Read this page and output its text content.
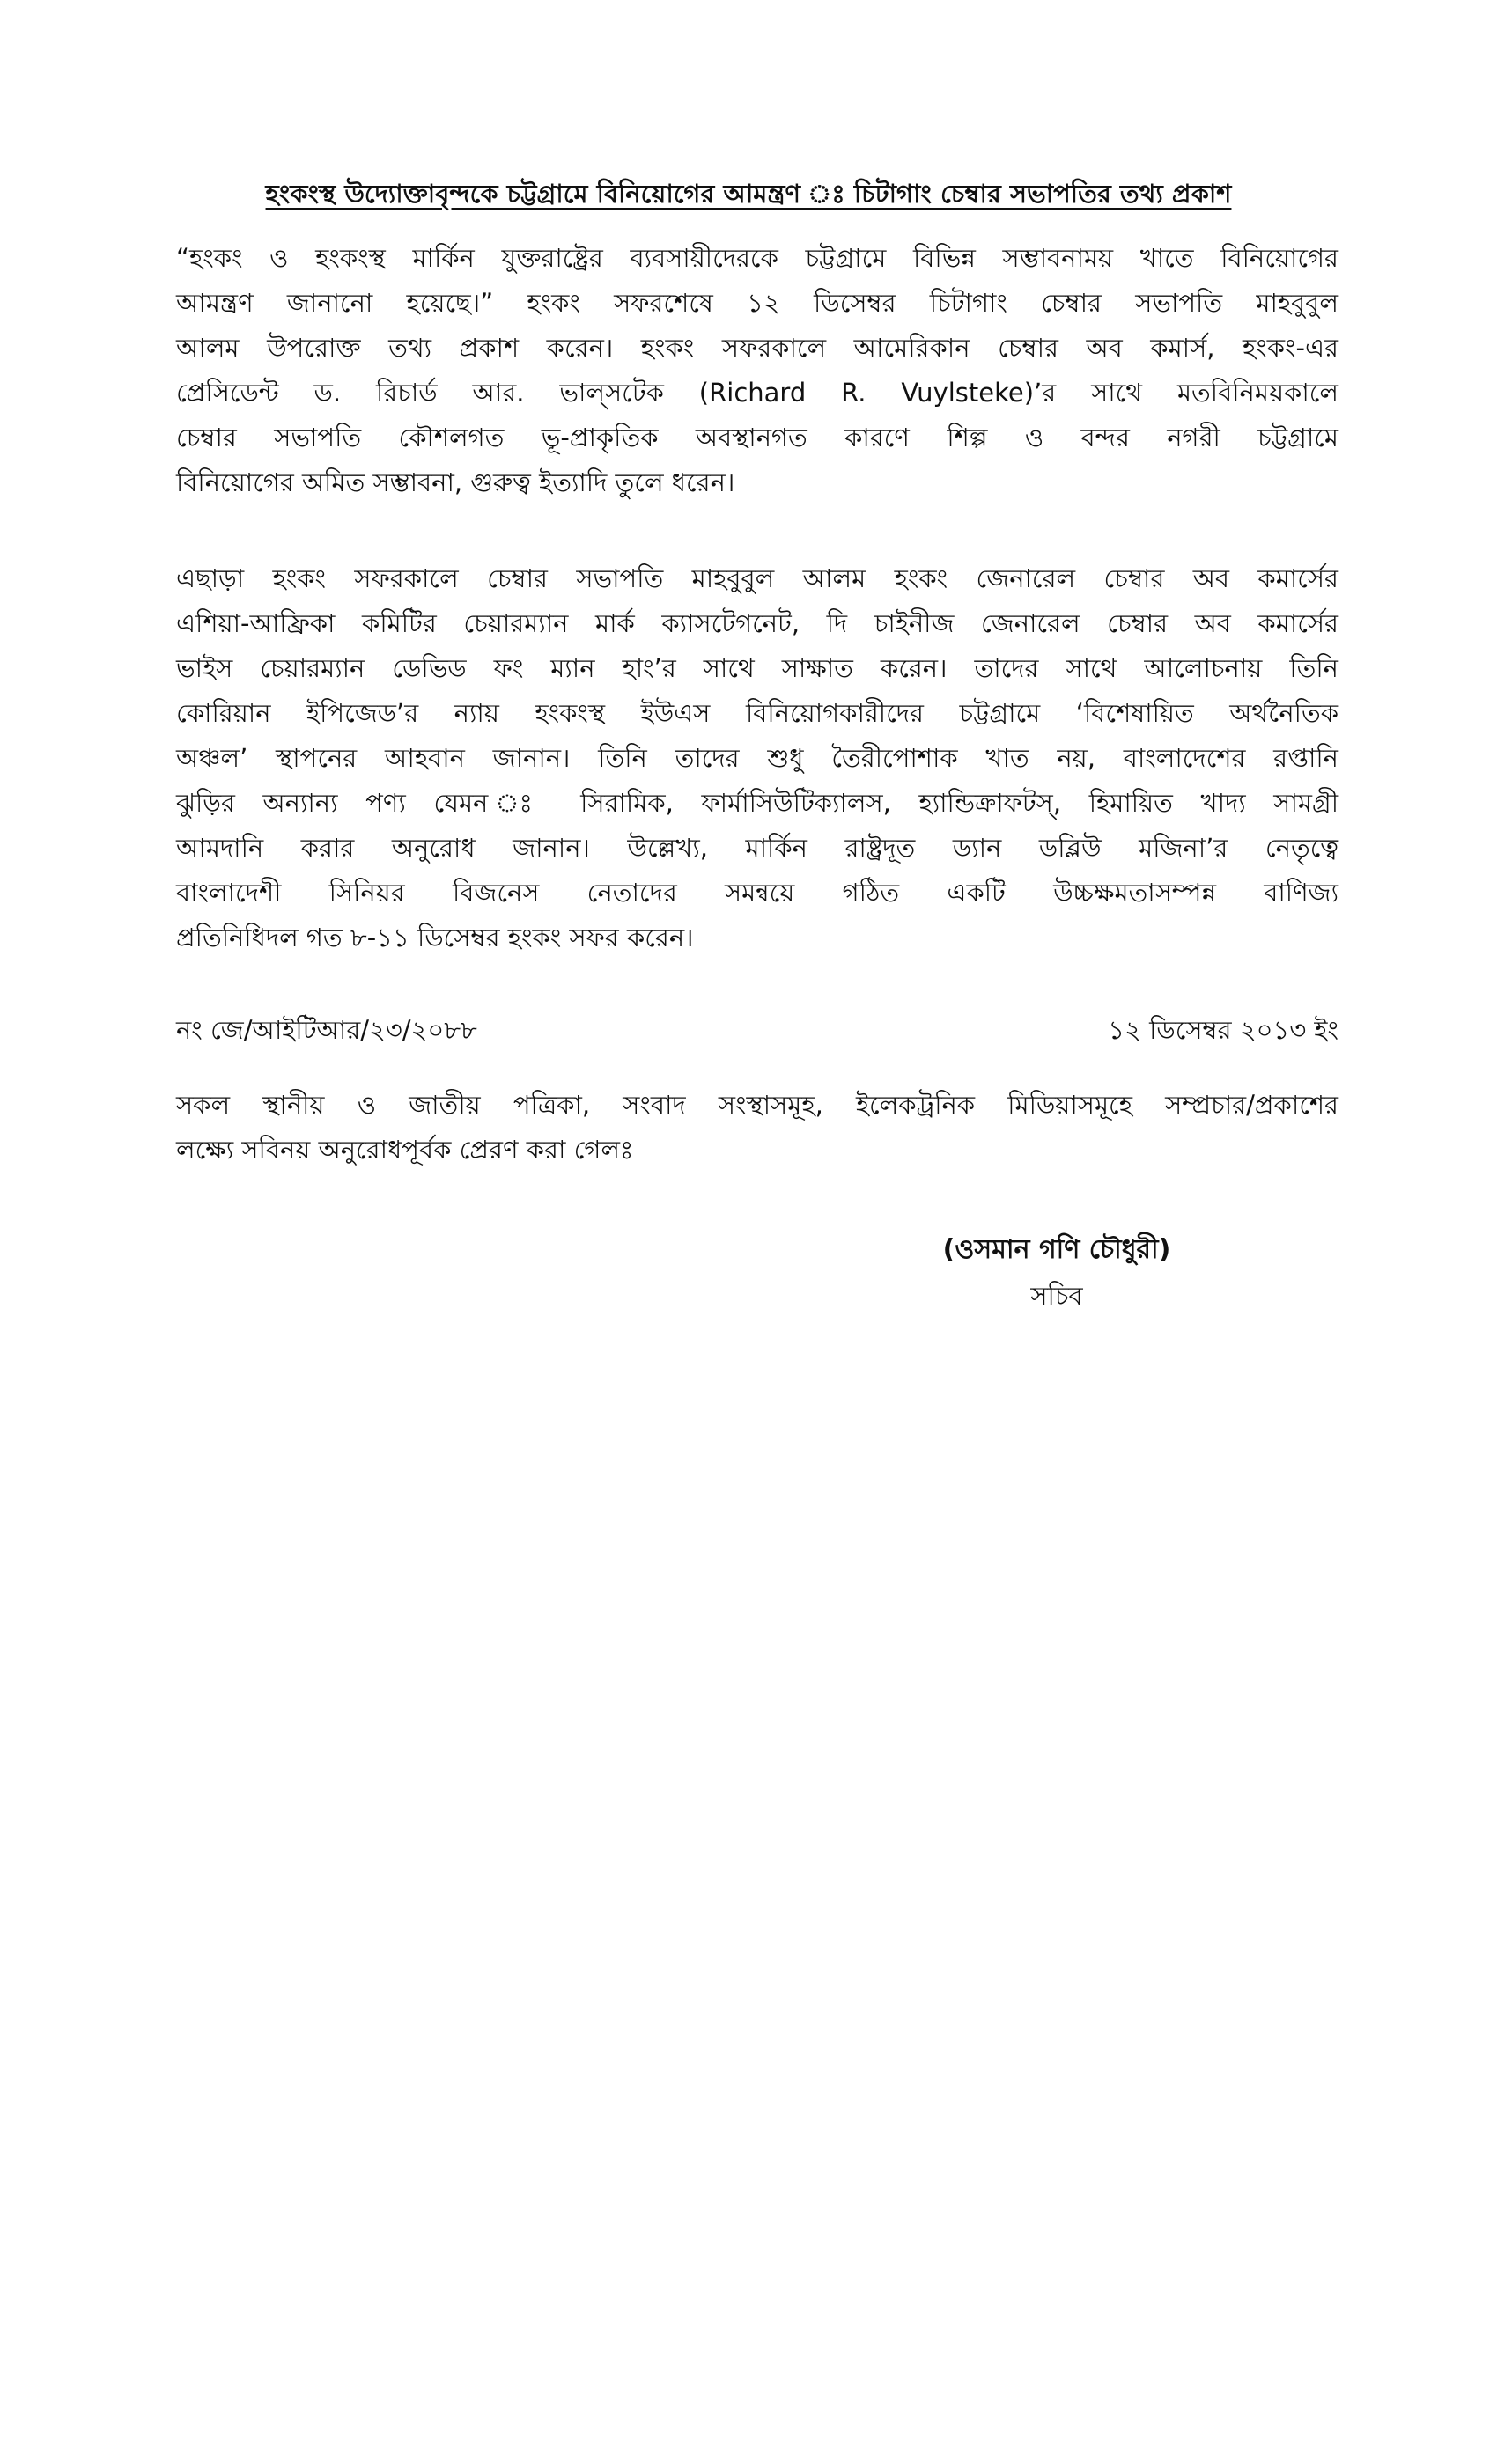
হংকংস্থ উদ্যোক্তাবৃন্দকে চট্টগ্রামে বিনিয়োগের আমন্ত্রণ ঃ চিটাগাং চেম্বার সভাপতির তথ্য প্রকাশ
“হংকং ও হংকংস্থ মার্কিন যুক্তরাষ্ট্রের ব্যবসায়ীদেরকে চট্টগ্রামে বিভিন্ন সম্ভাবনাময় খাতে বিনিয়োগের
আমন্ত্রণ জানানো হয়েছে।” হংকং সফরশেষে ১২ ডিসেম্বর চিটাগাং চেম্বার সভাপতি মাহবুবুল
আলম উপরোক্ত তথ্য প্রকাশ করেন। হংকং সফরকালে আমেরিকান চেম্বার অব কমার্স, হংকং-এর
প্রেসিডেন্ট ড. রিচার্ড আর. ভাল্সটেক (Richard R. Vuylsteke)’র সাথে মতবিনিময়কালে
চেম্বার সভাপতি কৌশলগত ভূ-প্রাকৃতিক অবস্থানগত কারণে শিল্প ও বন্দর নগরী চট্টগ্রামে
বিনিয়োগের অমিত সম্ভাবনা, গুরুত্ব ইত্যাদি তুলে ধরেন।
এছাড়া হংকং সফরকালে চেম্বার সভাপতি মাহবুবুল আলম হংকং জেনারেল চেম্বার অব কমার্সের
এশিয়া-আফ্রিকা কমিটির চেয়ারম্যান মার্ক ক্যাসটেগনেট, দি চাইনীজ জেনারেল চেম্বার অব কমার্সের
ভাইস চেয়ারম্যান ডেভিড ফং ম্যান হাং’র সাথে সাক্ষাত করেন। তাদের সাথে আলোচনায় তিনি
কোরিয়ান ইপিজেড’র ন্যায় হংকংস্থ ইউএস বিনিয়োগকারীদের চট্টগ্রামে ‘বিশেষায়িত অর্থনৈতিক
অঞ্চল’ স্থাপনের আহবান জানান। তিনি তাদের শুধু তৈরীপোশাক খাত নয়, বাংলাদেশের রপ্তানি
ঝুড়ির অন্যান্য পণ্য যেমন ঃ সিরামিক, ফার্মাসিউটিক্যালস, হ্যান্ডিক্রাফটস্, হিমায়িত খাদ্য সামগ্রী
আমদানি করার অনুরোধ জানান। উল্লেখ্য, মার্কিন রাষ্ট্রদূত ড্যান ডব্লিউ মজিনা’র নেতৃত্বে
বাংলাদেশী সিনিয়র বিজনেস নেতাদের সমন্বয়ে গঠিত একটি উচ্চক্ষমতাসম্পন্ন বাণিজ্য
প্রতিনিধিদল গত ৮-১১ ডিসেম্বর হংকং সফর করেন।
নং জে/আইটিআর/২৩/২০৮৮	১২ ডিসেম্বর ২০১৩ ইং
সকল স্থানীয় ও জাতীয় পত্রিকা, সংবাদ সংস্থাসমূহ, ইলেকট্রনিক মিডিয়াসমূহে সম্প্রচার/প্রকাশের
লক্ষ্যে সবিনয় অনুরোধপূর্বক প্রেরণ করা গেলঃ
(ওসমান গণি চৌধুরী)
সচিব
